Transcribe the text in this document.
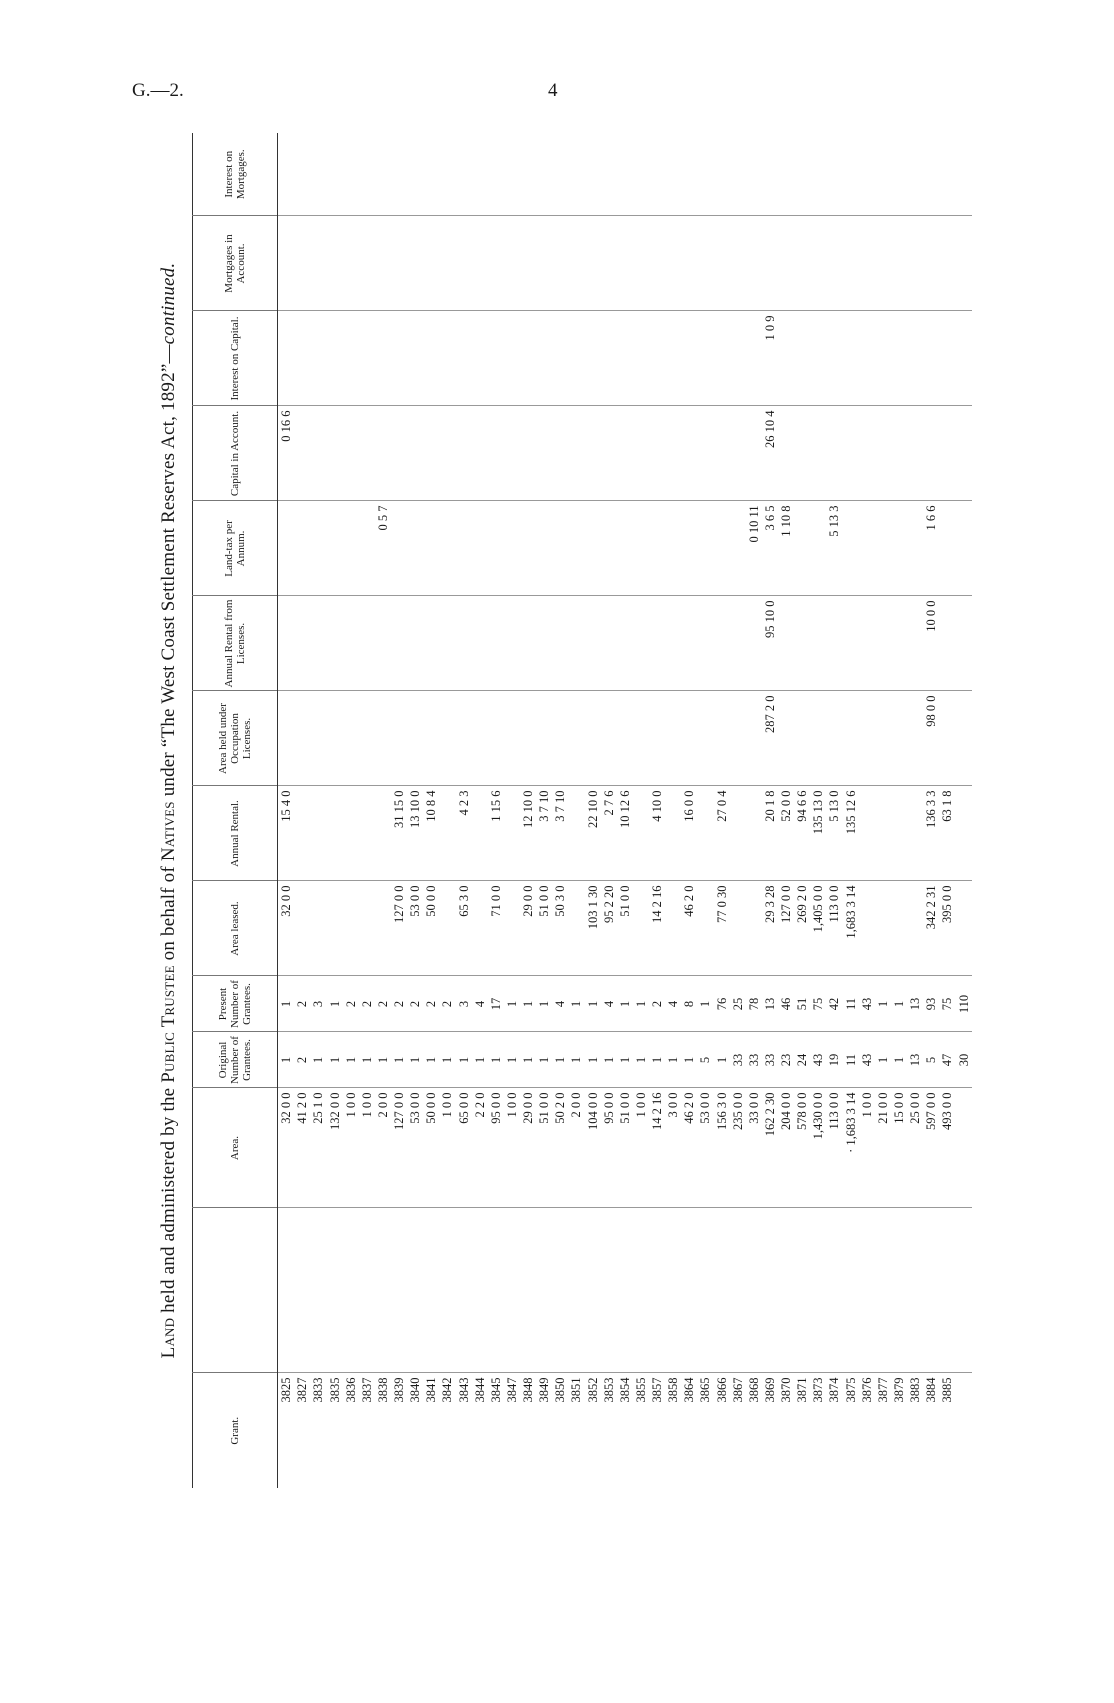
G.—2.	4
Land held and administered by the Public Trustee on behalf of Natives under “The West Coast Settlement Reserves Act, 1892”—continued.
Grant.		Area.	Original Number of Grantees.	Present Number of Grantees.	Area leased.	Annual Rental.	Area held under Occupation Licenses.	Annual Rental from Licenses.	Land-tax per Annum.	Capital in Account.	Interest on Capital.	Mortgages in Account.	Interest on Mortgages.
3825		32 0 0	1	1	32 0 0	15 4 0				0 16 6			
3827		41 2 0	2	2									
3833		25 1 0	1	3									
3835		132 0 0	1	1									
3836		1 0 0	1	2									
3837		1 0 0	1	2									
3838		2 0 0	1	2					0 5 7				
3839		127 0 0	1	2	127 0 0	31 15 0							
3840		53 0 0	1	2	53 0 0	13 10 0							
3841		50 0 0	1	2	50 0 0	10 8 4							
3842		1 0 0	1	2									
3843		65 0 0	1	3	65 3 0	4 2 3							
3844		2 2 0	1	4									
3845		95 0 0	1	17	71 0 0	1 15 6							
3847		1 0 0	1	1									
3848		29 0 0	1	1	29 0 0	12 10 0							
3849		51 0 0	1	1	51 0 0	3 7 10							
3850		50 2 0	1	4	50 3 0	3 7 10							
3851		2 0 0	1	1									
3852		104 0 0	1	1	103 1 30	22 10 0							
3853		95 0 0	1	4	95 2 20	2 7 6							
3854		51 0 0	1	1	51 0 0	10 12 6							
3855		1 0 0	1	1									
3857		14 2 16	1	2	14 2 16	4 10 0							
3858		3 0 0	1	4									
3864		46 2 0	1	8	46 2 0	16 0 0							
3865		53 0 0	5	1									
3866		156 3 0	1	76	77 0 30	27 0 4							
3867		235 0 0	33	25									
3868		33 0 0	33	78					0 10 11				
3869		162 2 30	33	13	29 3 28	20 1 8	287 2 0	95 10 0	3 6 5	26 10 4	1 0 9		
3870		204 0 0	23	46	127 0 0	52 0 0			1 10 8				
3871		578 0 0	24	51	269 2 0	94 6 6							
3873		1,430 0 0	43	75	1,405 0 0	135 13 0							
3874		113 0 0	19	42	113 0 0	5 13 0			5 13 3				
3875		· 1,683 3 14	11	11	1,683 3 14	135 12 6							
3876		1 0 0	43	43									
3877		21 0 0	1	1									
3879		15 0 0	1	1									
3883		25 0 0	13	13									
3884		597 0 0	5	93	342 2 31	136 3 3	98 0 0	10 0 0	1 6 6				
3885		493 0 0	47	75	395 0 0	63 1 8							
			30	110									
